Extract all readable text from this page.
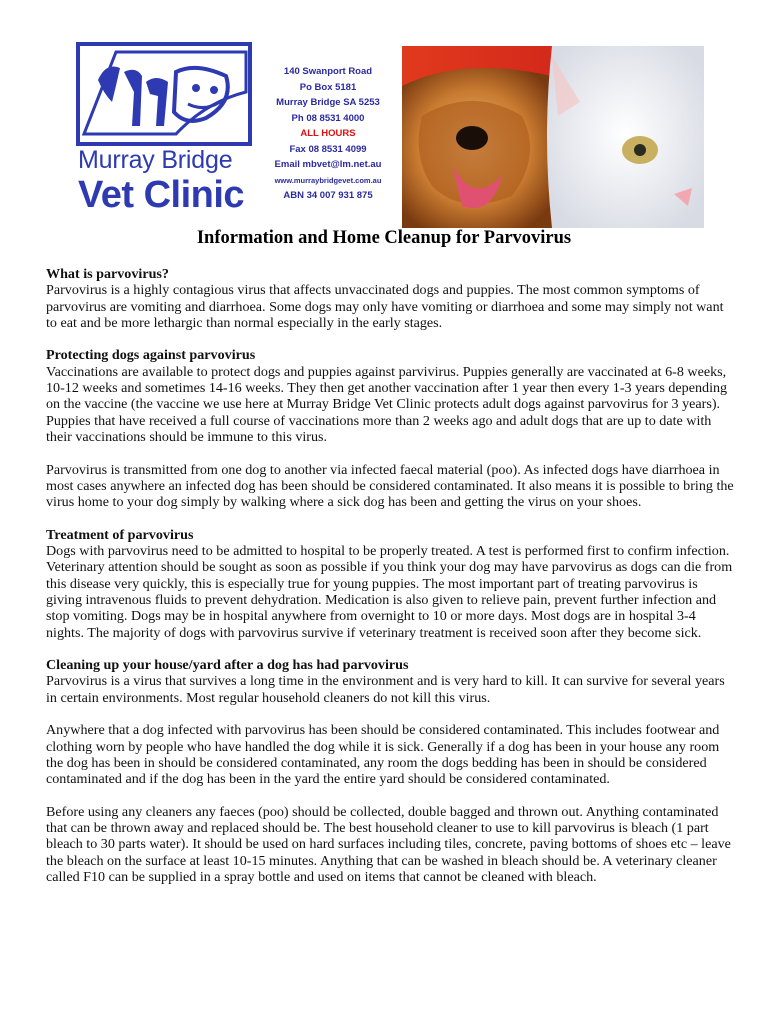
Murray Bridge
Vet Clinic
140 Swanport Road
Po Box 5181
Murray Bridge SA 5253
Ph 08 8531 4000
ALL HOURS
Fax 08 8531 4099
Email mbvet@lm.net.au
www.murraybridgevet.com.au
ABN 34 007 931 875
Information and Home Cleanup for Parvovirus
What is parvovirus?

Parvovirus is a highly contagious virus that affects unvaccinated dogs and puppies. The most common symptoms of parvovirus are vomiting and diarrhoea. Some dogs may only have vomiting or diarrhoea and some may simply not want to eat and be more lethargic than normal especially in the early stages.

Protecting dogs against parvovirus

Vaccinations are available to protect dogs and puppies against parvivirus. Puppies generally are vaccinated at 6-8 weeks, 10-12 weeks and sometimes 14-16 weeks. They then get another vaccination after 1 year then every 1-3 years depending on the vaccine (the vaccine we use here at Murray Bridge Vet Clinic protects adult dogs against parvovirus for 3 years). Puppies that have received a full course of vaccinations more than 2 weeks ago and adult dogs that are up to date with their vaccinations should be immune to this virus.

Parvovirus is transmitted from one dog to another via infected faecal material (poo). As infected dogs have diarrhoea in most cases anywhere an infected dog has been should be considered contaminated. It also means it is possible to bring the virus home to your dog simply by walking where a sick dog has been and getting the virus on your shoes.

Treatment of parvovirus

Dogs with parvovirus need to be admitted to hospital to be properly treated. A test is performed first to confirm infection. Veterinary attention should be sought as soon as possible if you think your dog may have parvovirus as dogs can die from this disease very quickly, this is especially true for young puppies. The most important part of treating parvovirus is giving intravenous fluids to prevent dehydration. Medication is also given to relieve pain, prevent further infection and stop vomiting. Dogs may be in hospital anywhere from overnight to 10 or more days. Most dogs are in hospital 3-4 nights. The majority of dogs with parvovirus survive if veterinary treatment is received soon after they become sick.

Cleaning up your house/yard after a dog has had parvovirus

Parvovirus is a virus that survives a long time in the environment and is very hard to kill. It can survive for several years in certain environments. Most regular household cleaners do not kill this virus.

Anywhere that a dog infected with parvovirus has been should be considered contaminated. This includes footwear and clothing worn by people who have handled the dog while it is sick. Generally if a dog has been in your house any room the dog has been in should be considered contaminated, any room the dogs bedding has been in should be considered contaminated and if the dog has been in the yard the entire yard should be considered contaminated.

Before using any cleaners any faeces (poo) should be collected, double bagged and thrown out. Anything contaminated that can be thrown away and replaced should be. The best household cleaner to use to kill parvovirus is bleach (1 part bleach to 30 parts water). It should be used on hard surfaces including tiles, concrete, paving bottoms of shoes etc – leave the bleach on the surface at least 10-15 minutes. Anything that can be washed in bleach should be. A veterinary cleaner called F10 can be supplied in a spray bottle and used on items that cannot be cleaned with bleach.
